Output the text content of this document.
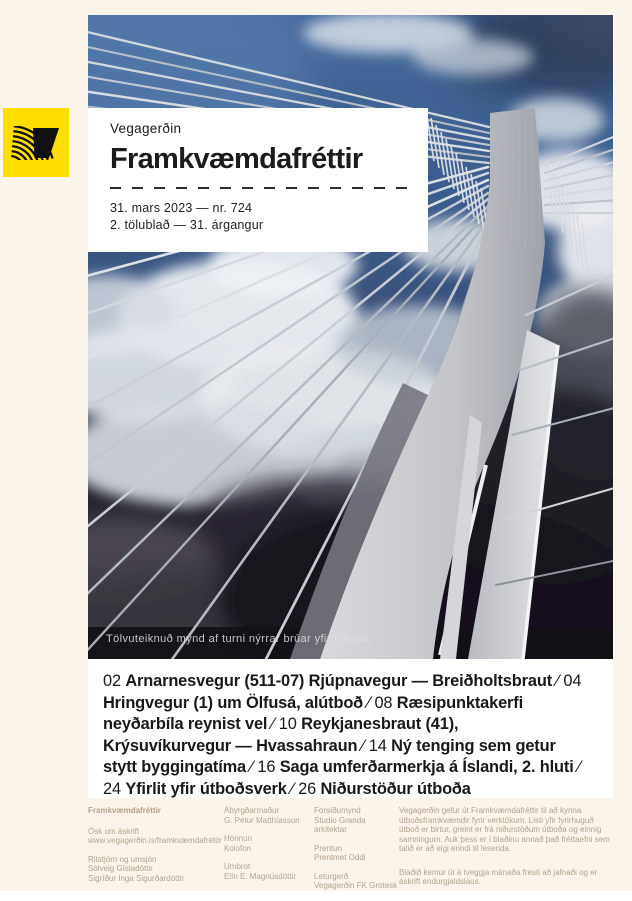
Vegagerðin
Framkvæmdafréttir
31. mars 2023 — nr. 724
2. tölublað — 31. árgangur
Tölvuteiknuð mynd af turni nýrrar brúar yfir Ölfusá.

02 Arnarnesvegur (511-07) Rjúpnavegur — Breiðholtsbraut ⁄ 04 Hringvegur (1) um Ölfusá, alútboð ⁄ 08 Ræsipunktakerfi neyðarbíla reynist vel ⁄ 10 Reykjanesbraut (41), Krýsuvíkurvegur — Hvassahraun ⁄ 14 Ný tenging sem getur stytt byggingatíma ⁄ 16 Saga umferðarmerkja á Íslandi, 2. hluti ⁄ 24 Yfirlit yfir útboðsverk ⁄ 26 Niðurstöður útboða

Framkvæmdafréttir
Ósk um áskrift
www.vegagerðin.is/framkvæmdafréttir
Ritstjórn og umsjón
Sólveig Gísladóttir
Sigríður Inga Sigurðardóttir
Ábyrgðarmaður
G. Pétur Matthíasson
Hönnun
Kolofon
Umbrot
Elín E. Magnúsdóttir
Forsíðumynd
Studio Granda
arkitektar
Prentun
Prentmet Oddi
Leturgerð
Vegagerðin FK Grotesk

Vegagerðin gefur út Framkvæmdafréttir til að kynna útboðsframkvæmdir fyrir verktökum. Listi yfir fyrirhuguð útboð er birtur, greint er frá niðurstöðum útboða og einnig samningum. Auk þess er í blaðinu annað það fréttaefni sem talið er að eigi erindi til lesenda.

Blaðið kemur út á tveggja mánaða fresti að jafnaði og er áskrift endurgjaldslaus.
